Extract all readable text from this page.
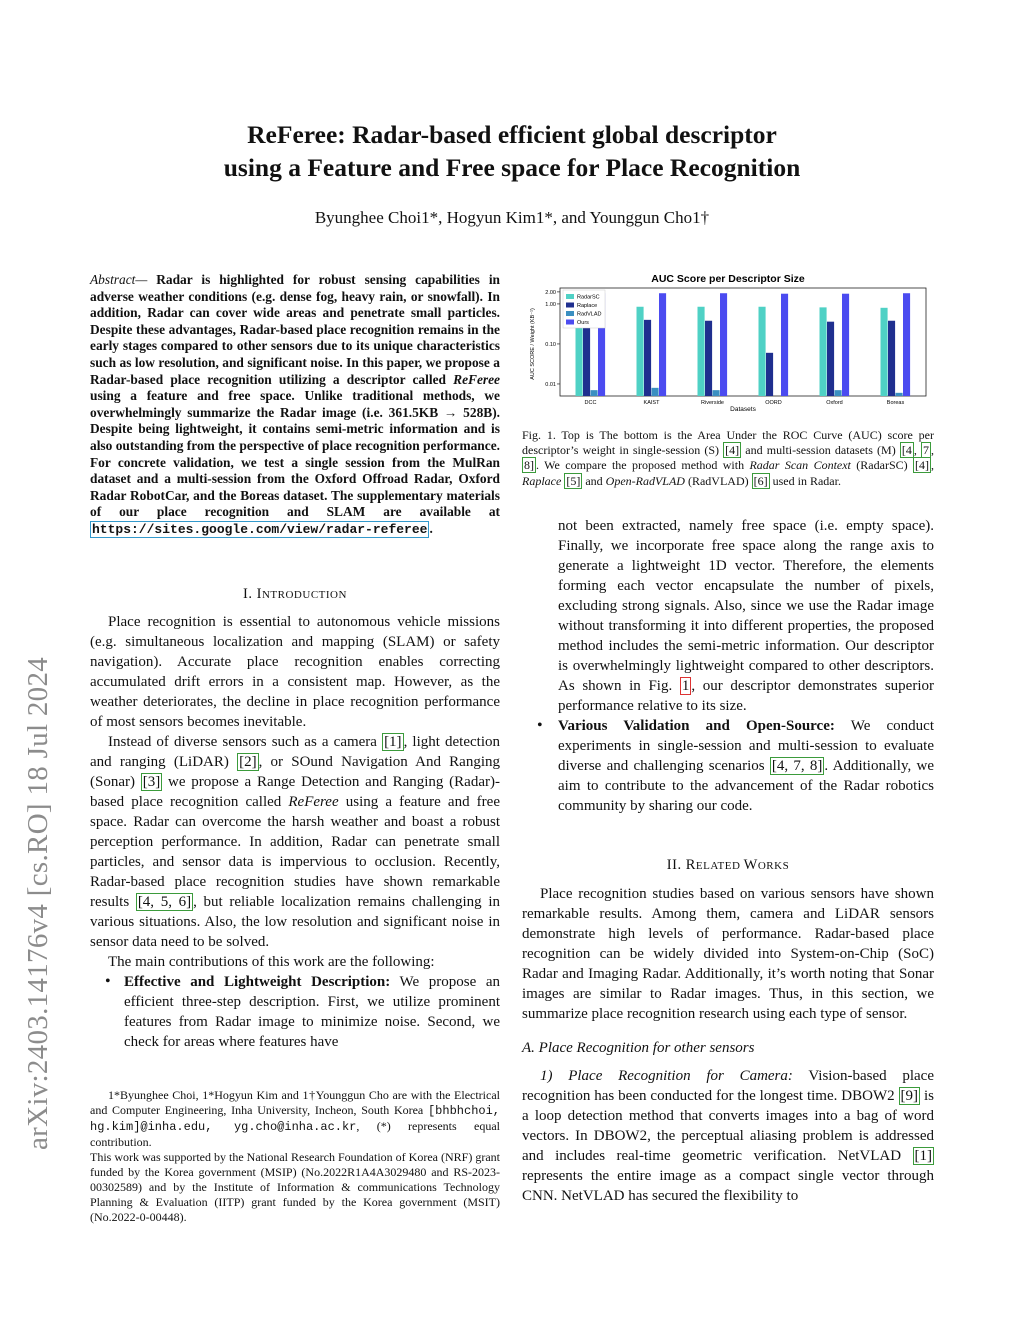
ReFeree: Radar-based efficient global descriptor
using a Feature and Free space for Place Recognition
Byunghee Choi1*, Hogyun Kim1*, and Younggun Cho1†
arXiv:2403.14176v4 [cs.RO] 18 Jul 2024
Abstract— Radar is highlighted for robust sensing capabilities in adverse weather conditions (e.g. dense fog, heavy rain, or snowfall). In addition, Radar can cover wide areas and penetrate small particles. Despite these advantages, Radar-based place recognition remains in the early stages compared to other sensors due to its unique characteristics such as low resolution, and significant noise. In this paper, we propose a Radar-based place recognition utilizing a descriptor called ReFeree using a feature and free space. Unlike traditional methods, we overwhelmingly summarize the Radar image (i.e. 361.5KB → 528B). Despite being lightweight, it contains semi-metric information and is also outstanding from the perspective of place recognition performance. For concrete validation, we test a single session from the MulRan dataset and a multi-session from the Oxford Offroad Radar, Oxford Radar RobotCar, and the Boreas dataset. The supplementary materials of our place recognition and SLAM are available at https://sites.google.com/view/radar-referee .
I. INTRODUCTION

Place recognition is essential to autonomous vehicle missions (e.g. simultaneous localization and mapping (SLAM) or safety navigation). Accurate place recognition enables correcting accumulated drift errors in a consistent map. However, as the weather deteriorates, the decline in place recognition performance of most sensors becomes inevitable.

Instead of diverse sensors such as a camera [1] , light detection and ranging (LiDAR) [2] , or SOund Navigation And Ranging (Sonar) [3] we propose a Range Detection and Ranging (Radar)-based place recognition called ReFeree using a feature and free space. Radar can overcome the harsh weather and boast a robust perception performance. In addition, Radar can penetrate small particles, and sensor data is impervious to occlusion. Recently, Radar-based place recognition studies have shown remarkable results [4, 5, 6] , but reliable localization remains challenging in various situations. Also, the low resolution and significant noise in sensor data need to be solved.

The main contributions of this work are the following:

• Effective and Lightweight Description: We propose an efficient three-step description. First, we utilize prominent features from Radar image to minimize noise. Second, we check for areas where features have
1*Byunghee Choi, 1*Hogyun Kim and 1†Younggun Cho are with the Electrical and Computer Engineering, Inha University, Incheon, South Korea [bhbhchoi, hg.kim]@inha.edu, yg.cho@inha.ac.kr, (*) represents equal contribution.
This work was supported by the National Research Foundation of Korea (NRF) grant funded by the Korea government (MSIP) (No.2022R1A4A3029480 and RS-2023-00302589) and by the Institute of Information & communications Technology Planning & Evaluation (IITP) grant funded by the Korea government (MSIT) (No.2022-0-00448).
AUC Score per Descriptor Size
2.00
1.00
0.10
0.01
DCC	KAIST	Riverside	OORD	Oxford	Boreas
Datasets
AUC SCORE / Weight (KB⁻¹)
RadarSC
Raplace
RadVLAD
Ours
Fig. 1. Top is The bottom is the Area Under the ROC Curve (AUC) score per descriptor’s weight in single-session (S) [4] and multi-session datasets (M) [4 , 7 , 8] . We compare the proposed method with Radar Scan Context (RadarSC) [4] , Raplace [5] and Open-RadVLAD (RadVLAD) [6] used in Radar.
not been extracted, namely free space (i.e. empty space). Finally, we incorporate free space along the range axis to generate a lightweight 1D vector. Therefore, the elements forming each vector encapsulate the number of pixels, excluding strong signals. Also, since we use the Radar image without transforming it into different properties, the proposed method includes the semi-metric information. Our descriptor is overwhelmingly lightweight compared to other descriptors. As shown in Fig. 1 , our descriptor demonstrates superior performance relative to its size.
• Various Validation and Open-Source: We conduct experiments in single-session and multi-session to evaluate diverse and challenging scenarios [4, 7, 8] . Additionally, we aim to contribute to the advancement of the Radar robotics community by sharing our code.
II. RELATED WORKS

Place recognition studies based on various sensors have shown remarkable results. Among them, camera and LiDAR sensors demonstrate high levels of performance. Radar-based place recognition can be widely divided into System-on-Chip (SoC) Radar and Imaging Radar. Additionally, it’s worth noting that Sonar images are similar to Radar images. Thus, in this section, we summarize place recognition research using each type of sensor.

A. Place Recognition for other sensors

1) Place Recognition for Camera: Vision-based place recognition has been conducted for the longest time. DBOW2 [9] is a loop detection method that converts images into a bag of word vectors. In DBOW2, the perceptual aliasing problem is addressed and includes real-time geometric verification. NetVLAD [1] represents the entire image as a compact single vector through CNN. NetVLAD has secured the flexibility to
